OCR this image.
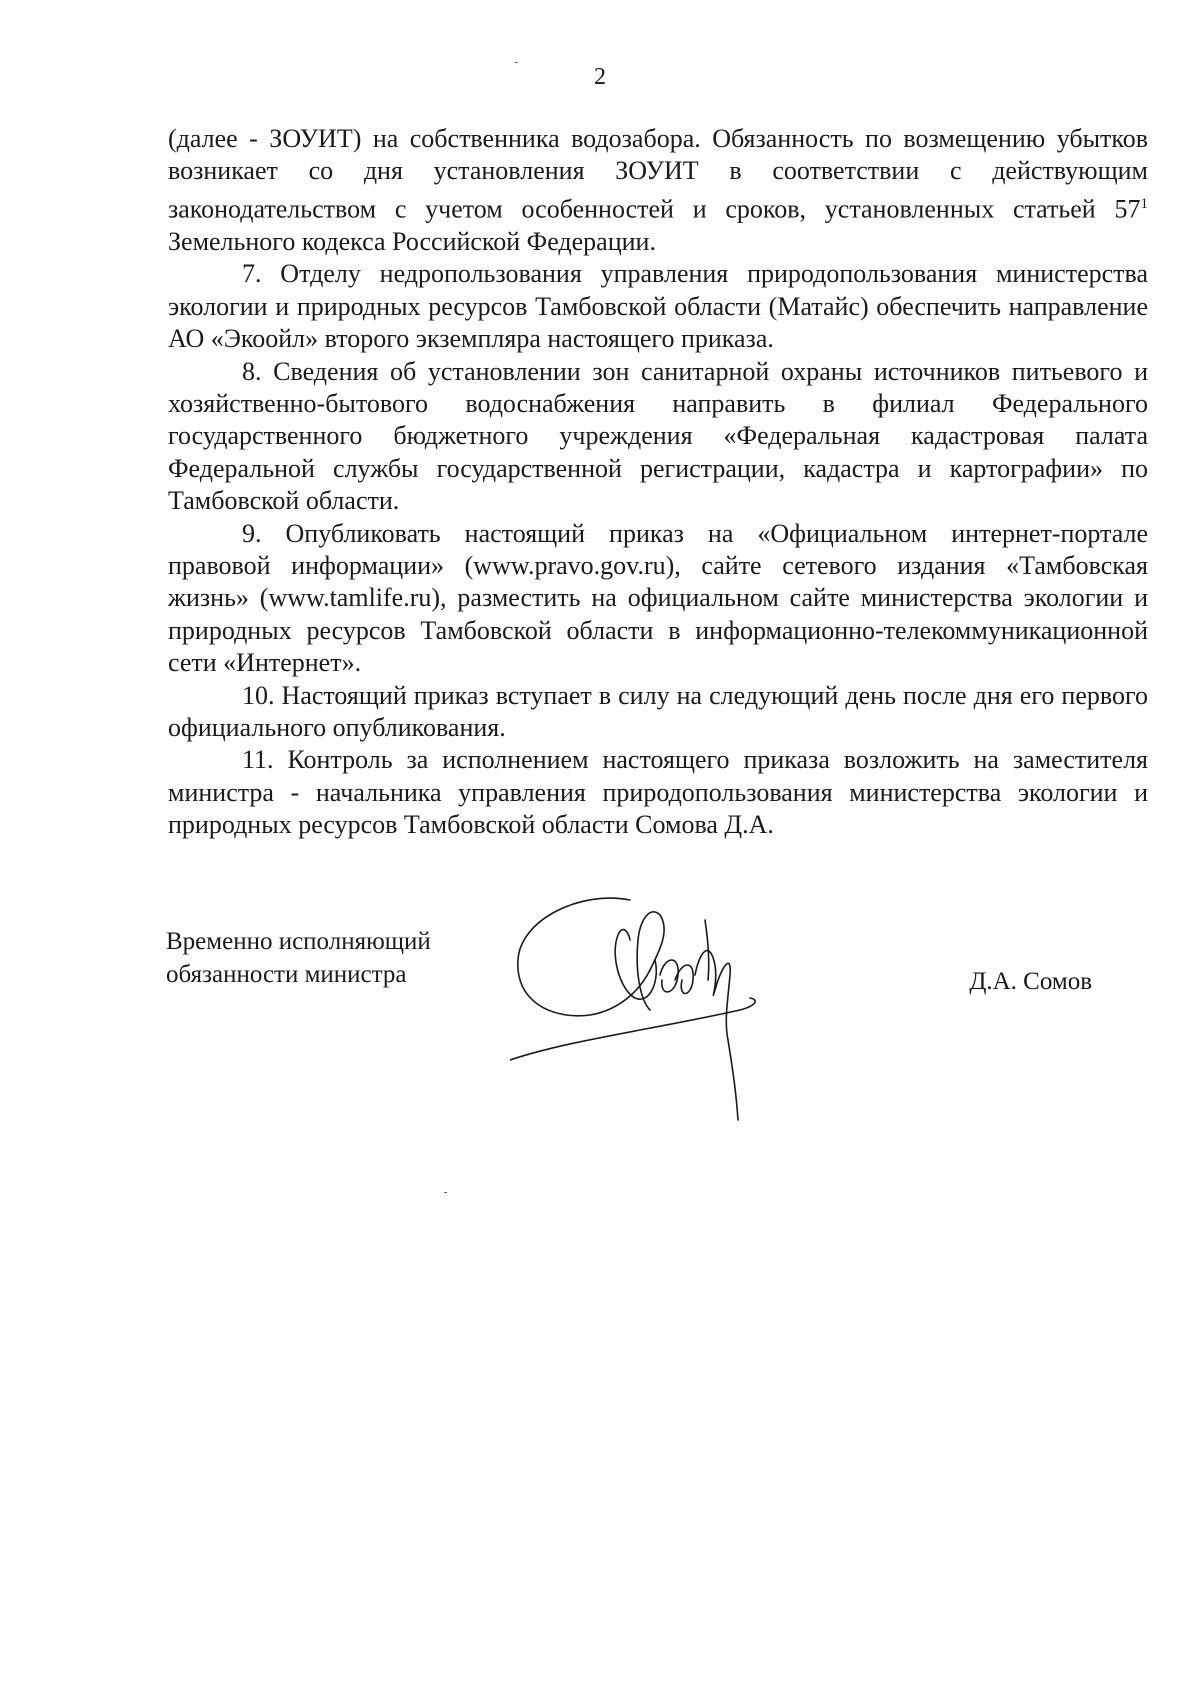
2

(далее - ЗОУИТ) на собственника водозабора. Обязанность по возмещению убытков возникает со дня установления ЗОУИТ в соответствии с действующим законодательством с учетом особенностей и сроков, установленных статьей $57^1$ Земельного кодекса Российской Федерации.

7. Отделу недропользования управления природопользования министерства экологии и природных ресурсов Тамбовской области (Матайс) обеспечить направление АО «Экоойл» второго экземпляра настоящего приказа.

8. Сведения об установлении зон санитарной охраны источников питьевого и хозяйственно-бытового водоснабжения направить в филиал Федерального государственного бюджетного учреждения «Федеральная кадастровая палата Федеральной службы государственной регистрации, кадастра и картографии» по Тамбовской области.

9. Опубликовать настоящий приказ на «Официальном интернет-портале правовой информации» (www.pravo.gov.ru), сайте сетевого издания «Тамбовская жизнь» (www.tamlife.ru), разместить на официальном сайте министерства экологии и природных ресурсов Тамбовской области в информационно-телекоммуникационной сети «Интернет».

10. Настоящий приказ вступает в силу на следующий день после дня его первого официального опубликования.

11. Контроль за исполнением настоящего приказа возложить на заместителя министра - начальника управления природопользования министерства экологии и природных ресурсов Тамбовской области Сомова Д.А.

Временно исполняющий
обязанности министра	Д.А. Сомов
